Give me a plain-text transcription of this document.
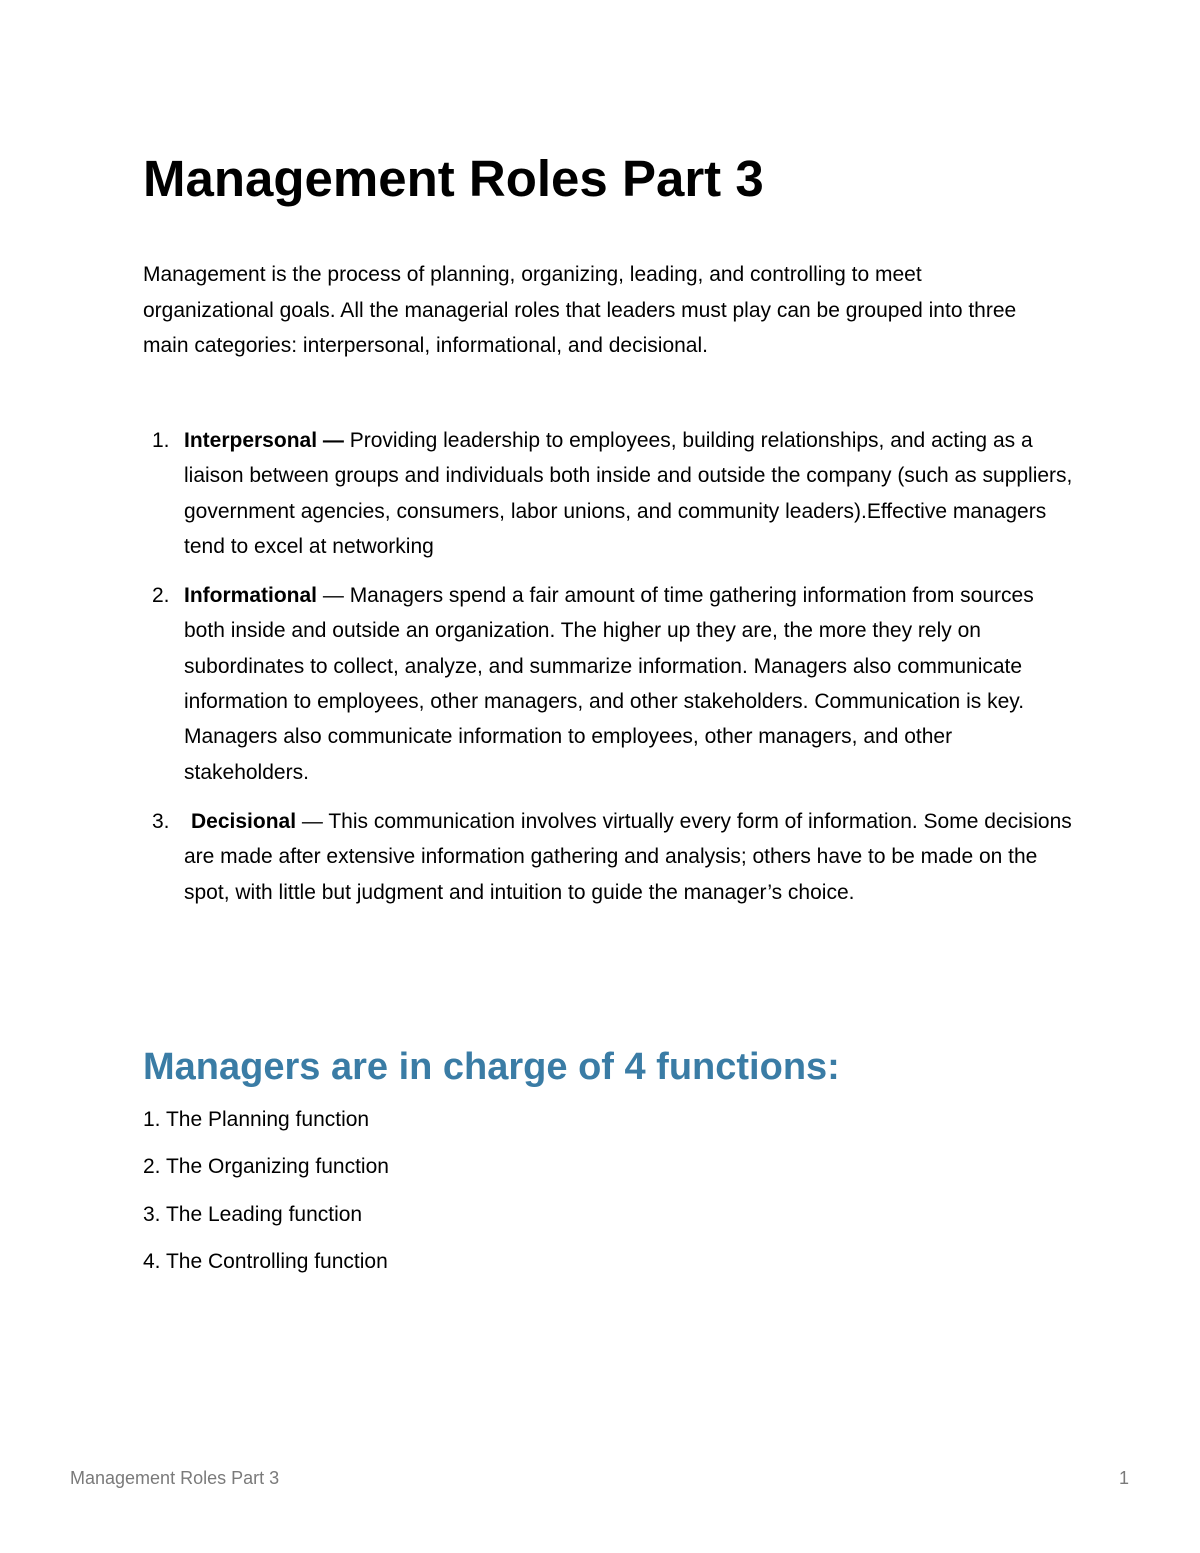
Management Roles Part 3

Management is the process of planning, organizing, leading, and controlling to meet organizational goals. All the managerial roles that leaders must play can be grouped into three main categories: interpersonal, informational, and decisional.

1. Interpersonal — Providing leadership to employees, building relationships, and acting as a liaison between groups and individuals both inside and outside the company (such as suppliers, government agencies, consumers, labor unions, and community leaders).Effective managers tend to excel at networking
2. Informational — Managers spend a fair amount of time gathering information from sources both inside and outside an organization. The higher up they are, the more they rely on subordinates to collect, analyze, and summarize information. Managers also communicate information to employees, other managers, and other stakeholders. Communication is key. Managers also communicate information to employees, other managers, and other stakeholders.
3. Decisional — This communication involves virtually every form of information. Some decisions are made after extensive information gathering and analysis; others have to be made on the spot, with little but judgment and intuition to guide the manager’s choice.
Managers are in charge of 4 functions:
1. The Planning function
2. The Organizing function
3. The Leading function
4. The Controlling function
Management Roles Part 3	1
